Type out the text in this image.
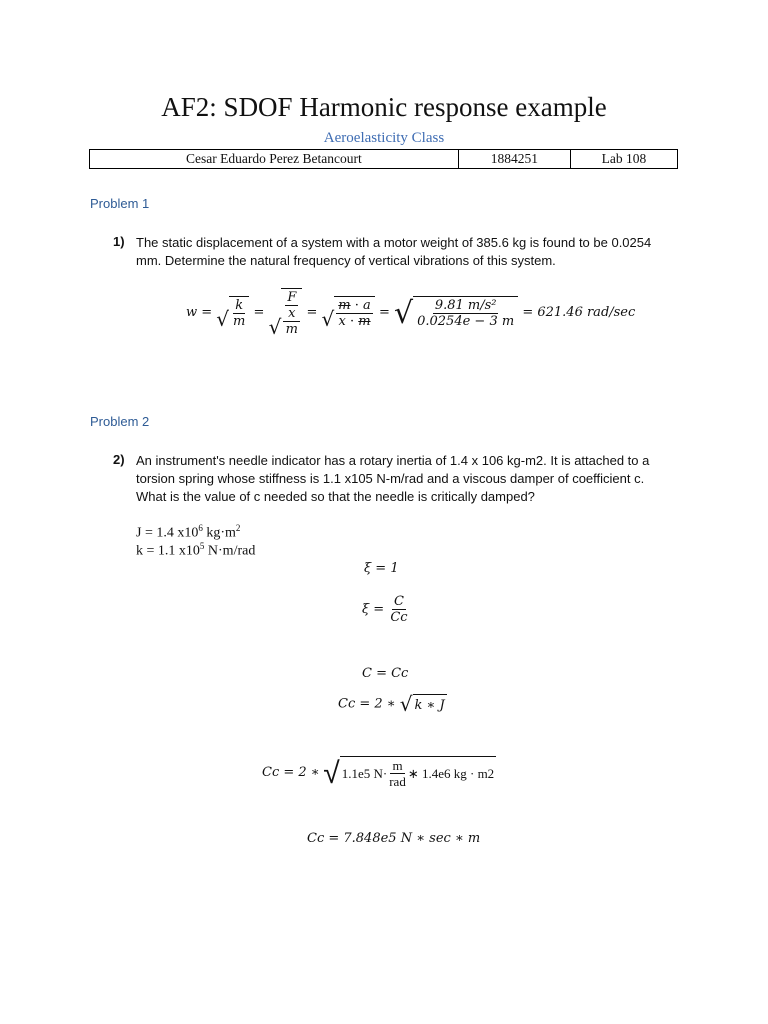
AF2: SDOF Harmonic response example
Aeroelasticity Class
Cesar Eduardo Perez Betancourt	1884251	Lab 108
Problem 1
1) The static displacement of a system with a motor weight of 385.6 kg is found to be 0.0254 mm. Determine the natural frequency of vertical vibrations of this system.
w = √ $\frac{k}{m}$ =
√ $\frac{\frac{F}{x}}{m}$ = √ $\frac{m \cdot a}{x \cdot m}$ = √ $\frac{\text{9.81 m/s²}}{0.0254e - 3 m} = 621.46$ rad/sec
Problem 2
2) An instrument's needle indicator has a rotary inertia of 1.4 x 106 kg-m2. It is attached to a torsion spring whose stiffness is 1.1 x105 N-m/rad and a viscous damper of coefficient c. What is the value of c needed so that the needle is critically damped?
J = 1.4 $x10^6$ $kg\cdot m^2$
k = 1.1 $x10^5$ N·m/rad
ξ = 1
$\xi = \frac{C}{Cc}$
C = Cc
Cc = 2 ∗ √ k ∗ J
Cc = 2 ∗ √ 1.1e5 $N\cdot \frac{m}{\text{rad}}$ ∗ 1.4e6 kg · m2
Cc = 7.848e5 N ∗ sec ∗ m
